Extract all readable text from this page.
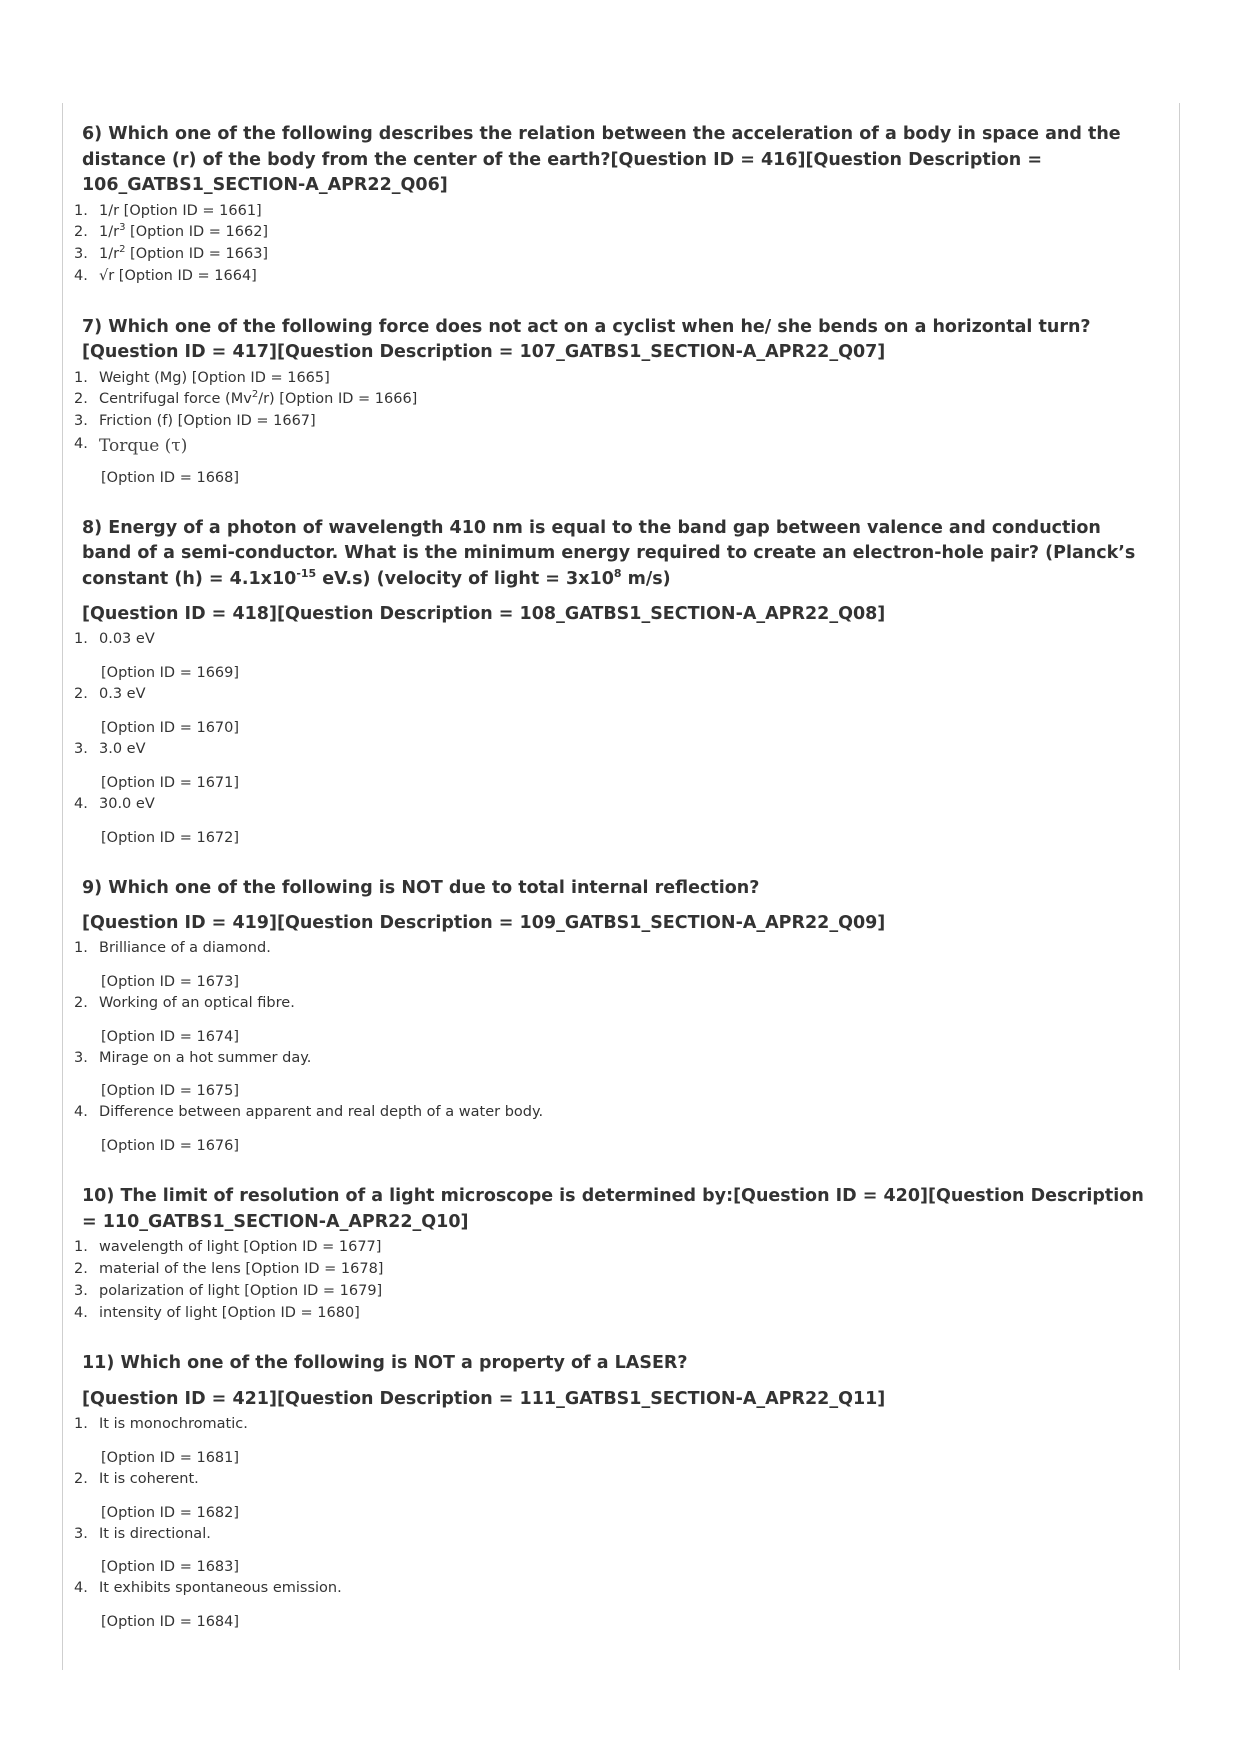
6) Which one of the following describes the relation between the acceleration of a body in space and the distance (r) of the body from the center of the earth?[Question ID = 416][Question Description = 106_GATBS1_SECTION-A_APR22_Q06]
1. 1/r [Option ID = 1661]
2. $1/r^3$ [Option ID = 1662]
3. $1/r^2$ [Option ID = 1663]
4. √r [Option ID = 1664]
7) Which one of the following force does not act on a cyclist when he/ she bends on a horizontal turn?[Question ID = 417][Question Description = 107_GATBS1_SECTION-A_APR22_Q07]
1. Weight (Mg) [Option ID = 1665]
2. Centrifugal force (Mv$^2$/r) [Option ID = 1666]
3. Friction (f) [Option ID = 1667]
4. Torque (τ)
[Option ID = 1668]
8) Energy of a photon of wavelength 410 nm is equal to the band gap between valence and conduction band of a semi-conductor. What is the minimum energy required to create an electron-hole pair? (Planck’s constant $(h) = 4.1x10^{-15}$ eV.s) (velocity of light = $3x10^8$ m/s)
[Question ID = 418][Question Description = 108_GATBS1_SECTION-A_APR22_Q08]
1. 0.03 eV
[Option ID = 1669]
2. 0.3 eV
[Option ID = 1670]
3. 3.0 eV
[Option ID = 1671]
4. 30.0 eV
[Option ID = 1672]
9) Which one of the following is NOT due to total internal reflection?
[Question ID = 419][Question Description = 109_GATBS1_SECTION-A_APR22_Q09]
1. Brilliance of a diamond.
[Option ID = 1673]
2. Working of an optical fibre.
[Option ID = 1674]
3. Mirage on a hot summer day.
[Option ID = 1675]
4. Difference between apparent and real depth of a water body.
[Option ID = 1676]
10) The limit of resolution of a light microscope is determined by:[Question ID = 420][Question Description = 110_GATBS1_SECTION-A_APR22_Q10]
1. wavelength of light [Option ID = 1677]
2. material of the lens [Option ID = 1678]
3. polarization of light [Option ID = 1679]
4. intensity of light [Option ID = 1680]
11) Which one of the following is NOT a property of a LASER?
[Question ID = 421][Question Description = 111_GATBS1_SECTION-A_APR22_Q11]
1. It is monochromatic.
[Option ID = 1681]
2. It is coherent.
[Option ID = 1682]
3. It is directional.
[Option ID = 1683]
4. It exhibits spontaneous emission.
[Option ID = 1684]
